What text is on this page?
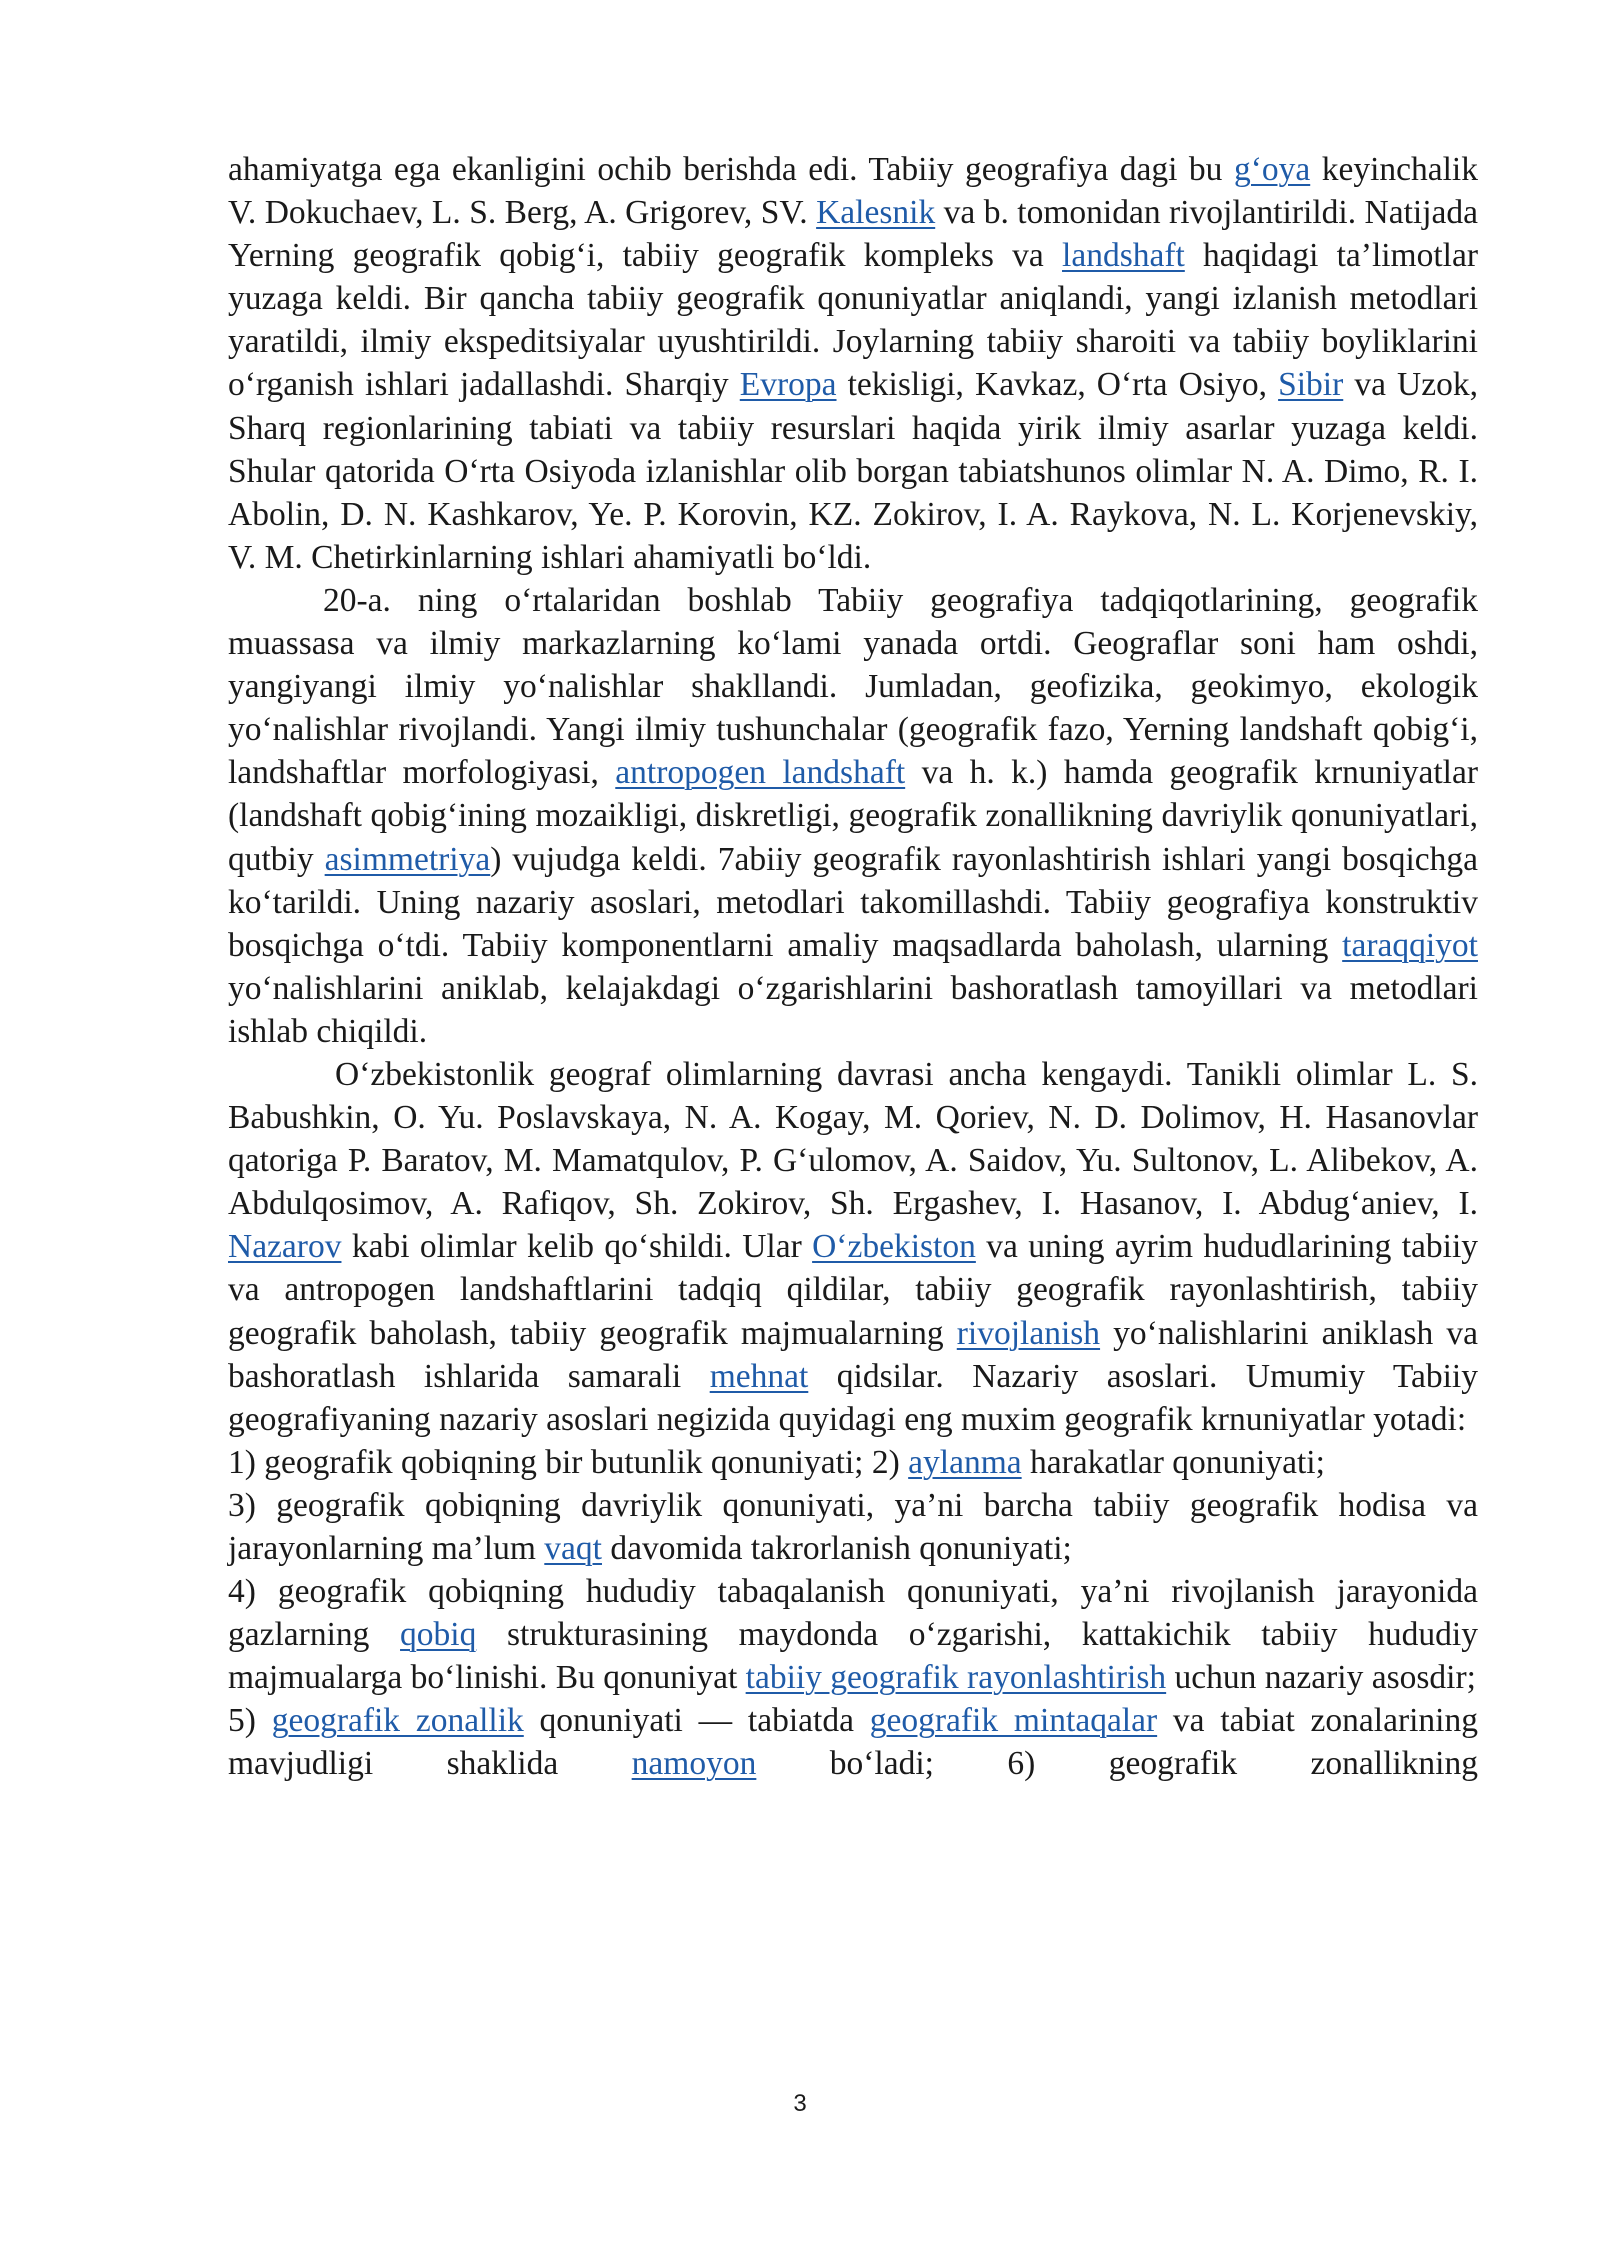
ahamiyatga ega ekanligini ochib berishda edi. Tabiiy geografiya dagi bu g‘oya keyinchalik V. Dokuchaev, L. S. Berg, A. Grigorev, SV. Kalesnik va b. tomonidan rivojlantirildi. Natijada Yerning geografik qobig‘i, tabiiy geografik kompleks va landshaft haqidagi ta’limotlar yuzaga keldi. Bir qancha tabiiy geografik qonuniyatlar aniqlandi, yangi izlanish metodlari yaratildi, ilmiy ekspeditsiyalar uyushtirildi. Joylarning tabiiy sharoiti va tabiiy boyliklarini o‘rganish ishlari jadallashdi. Sharqiy Evropa tekisligi, Kavkaz, O‘rta Osiyo, Sibir va Uzok, Sharq regionlarining tabiati va tabiiy resurslari haqida yirik ilmiy asarlar yuzaga keldi. Shular qatorida O‘rta Osiyoda izlanishlar olib borgan tabiatshunos olimlar N. A. Dimo, R. I. Abolin, D. N. Kashkarov, Ye. P. Korovin, KZ. Zokirov, I. A. Raykova, N. L. Korjenevskiy, V. M. Chetirkinlarning ishlari ahamiyatli bo‘ldi.

20-a. ning o‘rtalaridan boshlab Tabiiy geografiya tadqiqotlarining, geografik muassasa va ilmiy markazlarning ko‘lami yanada ortdi. Geograflar soni ham oshdi, yangiyangi ilmiy yo‘nalishlar shakllandi. Jumladan, geofizika, geokimyo, ekologik yo‘nalishlar rivojlandi. Yangi ilmiy tushunchalar (geografik fazo, Yerning landshaft qobig‘i, landshaftlar morfologiyasi, antropogen landshaft va h. k.) hamda geografik krnuniyatlar (landshaft qobig‘ining mozaikligi, diskretligi, geografik zonallikning davriylik qonuniyatlari, qutbiy asimmetriya) vujudga keldi. 7abiiy geografik rayonlashtirish ishlari yangi bosqichga ko‘tarildi. Uning nazariy asoslari, metodlari takomillashdi. Tabiiy geografiya konstruktiv bosqichga o‘tdi. Tabiiy komponentlarni amaliy maqsadlarda baholash, ularning taraqqiyot yo‘nalishlarini aniklab, kelajakdagi o‘zgarishlarini bashoratlash tamoyillari va metodlari ishlab chiqildi.

O‘zbekistonlik geograf olimlarning davrasi ancha kengaydi. Tanikli olimlar L. S. Babushkin, O. Yu. Poslavskaya, N. A. Kogay, M. Qoriev, N. D. Dolimov, H. Hasanovlar qatoriga P. Baratov, M. Mamatqulov, P. G‘ulomov, A. Saidov, Yu. Sultonov, L. Alibekov, A. Abdulqosimov, A. Rafiqov, Sh. Zokirov, Sh. Ergashev, I. Hasanov, I. Abdug‘aniev, I. Nazarov kabi olimlar kelib qo‘shildi. Ular O‘zbekiston va uning ayrim hududlarining tabiiy va antropogen landshaftlarini tadqiq qildilar, tabiiy geografik rayonlashtirish, tabiiy geografik baholash, tabiiy geografik majmualarning rivojlanish yo‘nalishlarini aniklash va bashoratlash ishlarida samarali mehnat qidsilar. Nazariy asoslari. Umumiy Tabiiy geografiyaning nazariy asoslari negizida quyidagi eng muxim geografik krnuniyatlar yotadi:

1) geografik qobiqning bir butunlik qonuniyati; 2) aylanma harakatlar qonuniyati;

3) geografik qobiqning davriylik qonuniyati, ya’ni barcha tabiiy geografik hodisa va jarayonlarning ma’lum vaqt davomida takrorlanish qonuniyati;

4) geografik qobiqning hududiy tabaqalanish qonuniyati, ya’ni rivojlanish jarayonida gazlarning qobiq strukturasining maydonda o‘zgarishi, kattakichik tabiiy hududiy majmualarga bo‘linishi. Bu qonuniyat tabiiy geografik rayonlashtirish uchun nazariy asosdir;

5) geografik zonallik qonuniyati — tabiatda geografik mintaqalar va tabiat zonalarining mavjudligi shaklida namoyon bo‘ladi; 6) geografik zonallikning

3
